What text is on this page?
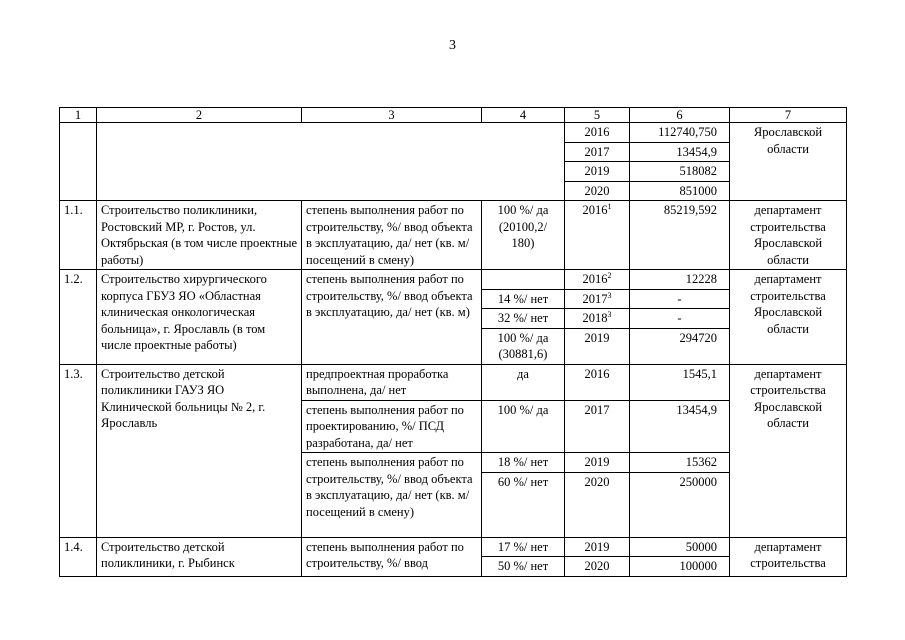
3
1	2	3	4	5	6	7
				2016	112740,750	Ярославской области
				2017	13454,9	
				2019	518082	
				2020	851000	
1.1.	Строительство поликлиники, Ростовский МР, г. Ростов, ул. Октябрьская (в том числе проектные работы)	степень выполнения работ по строительству, %/ ввод объекта в эксплуатацию, да/ нет (кв. м/ посещений в смену)	100 %/ да (20100,2/ 180)	2016$^1$	85219,592	департамент строительства Ярославской области
1.2.	Строительство хирургического корпуса ГБУЗ ЯО «Областная клиническая онкологическая больница», г. Ярославль (в том числе проектные работы)	степень выполнения работ по строительству, %/ ввод объекта в эксплуатацию, да/ нет (кв. м)		2016$^2$	12228	департамент строительства Ярославской области
			14 %/ нет	2017$^3$	-	
			32 %/ нет	2018$^3$	-	
			100 %/ да (30881,6)	2019	294720	
1.3.	Строительство детской поликлиники ГАУЗ ЯО Клинической больницы № 2, г. Ярославль	предпроектная проработка выполнена, да/ нет	да	2016	1545,1	департамент строительства Ярославской области
		степень выполнения работ по проектированию, %/ ПСД разработана, да/ нет	100 %/ да	2017	13454,9	
		степень выполнения работ по строительству, %/ ввод объекта в эксплуатацию, да/ нет (кв. м/ посещений в смену)	18 %/ нет	2019	15362	
			60 %/ нет	2020	250000	
1.4.	Строительство детской поликлиники, г. Рыбинск	степень выполнения работ по строительству, %/ ввод	17 %/ нет	2019	50000	департамент строительства
			50 %/ нет	2020	100000	
